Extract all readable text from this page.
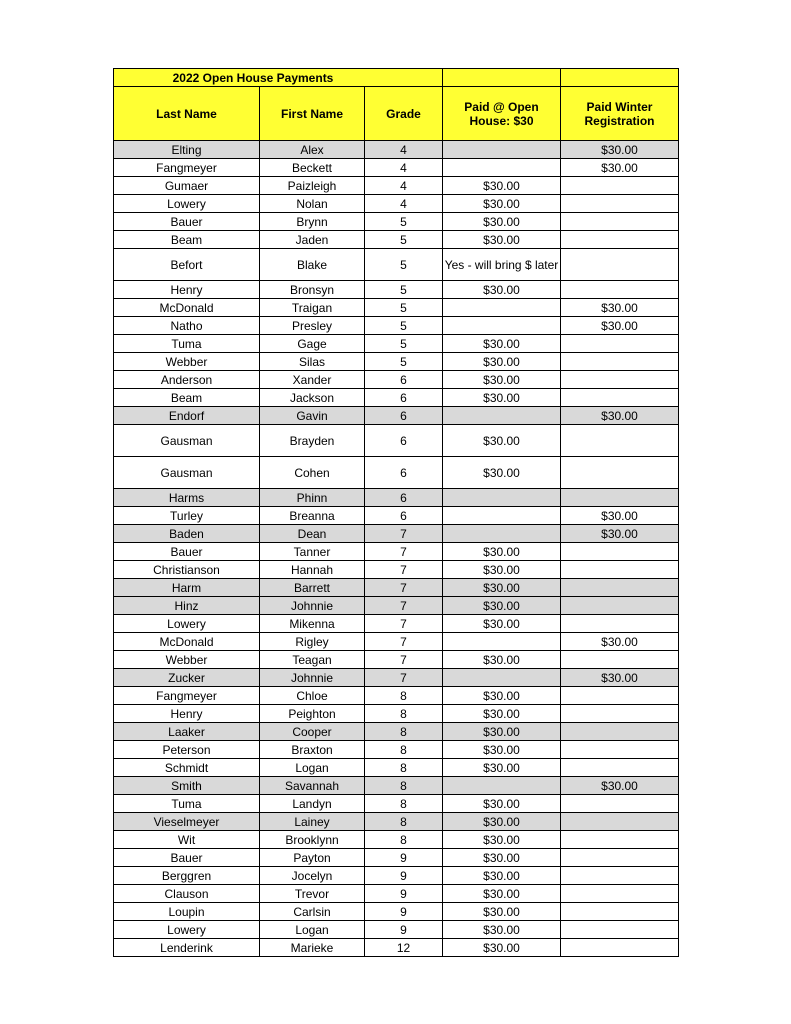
2022 Open House Payments				
Last Name	First Name	Grade	Paid @ Open House: $30	Paid Winter Registration
Elting	Alex	4		$30.00
Fangmeyer	Beckett	4		$30.00
Gumaer	Paizleigh	4	$30.00	
Lowery	Nolan	4	$30.00	
Bauer	Brynn	5	$30.00	
Beam	Jaden	5	$30.00	
Befort	Blake	5	Yes - will bring $ later	
Henry	Bronsyn	5	$30.00	
McDonald	Traigan	5		$30.00
Natho	Presley	5		$30.00
Tuma	Gage	5	$30.00	
Webber	Silas	5	$30.00	
Anderson	Xander	6	$30.00	
Beam	Jackson	6	$30.00	
Endorf	Gavin	6		$30.00
Gausman	Brayden	6	$30.00	
Gausman	Cohen	6	$30.00	
Harms	Phinn	6		
Turley	Breanna	6		$30.00
Baden	Dean	7		$30.00
Bauer	Tanner	7	$30.00	
Christianson	Hannah	7	$30.00	
Harm	Barrett	7	$30.00	
Hinz	Johnnie	7	$30.00	
Lowery	Mikenna	7	$30.00	
McDonald	Rigley	7		$30.00
Webber	Teagan	7	$30.00	
Zucker	Johnnie	7		$30.00
Fangmeyer	Chloe	8	$30.00	
Henry	Peighton	8	$30.00	
Laaker	Cooper	8	$30.00	
Peterson	Braxton	8	$30.00	
Schmidt	Logan	8	$30.00	
Smith	Savannah	8		$30.00
Tuma	Landyn	8	$30.00	
Vieselmeyer	Lainey	8	$30.00	
Wit	Brooklynn	8	$30.00	
Bauer	Payton	9	$30.00	
Berggren	Jocelyn	9	$30.00	
Clauson	Trevor	9	$30.00	
Loupin	Carlsin	9	$30.00	
Lowery	Logan	9	$30.00	
Lenderink	Marieke	12	$30.00	
